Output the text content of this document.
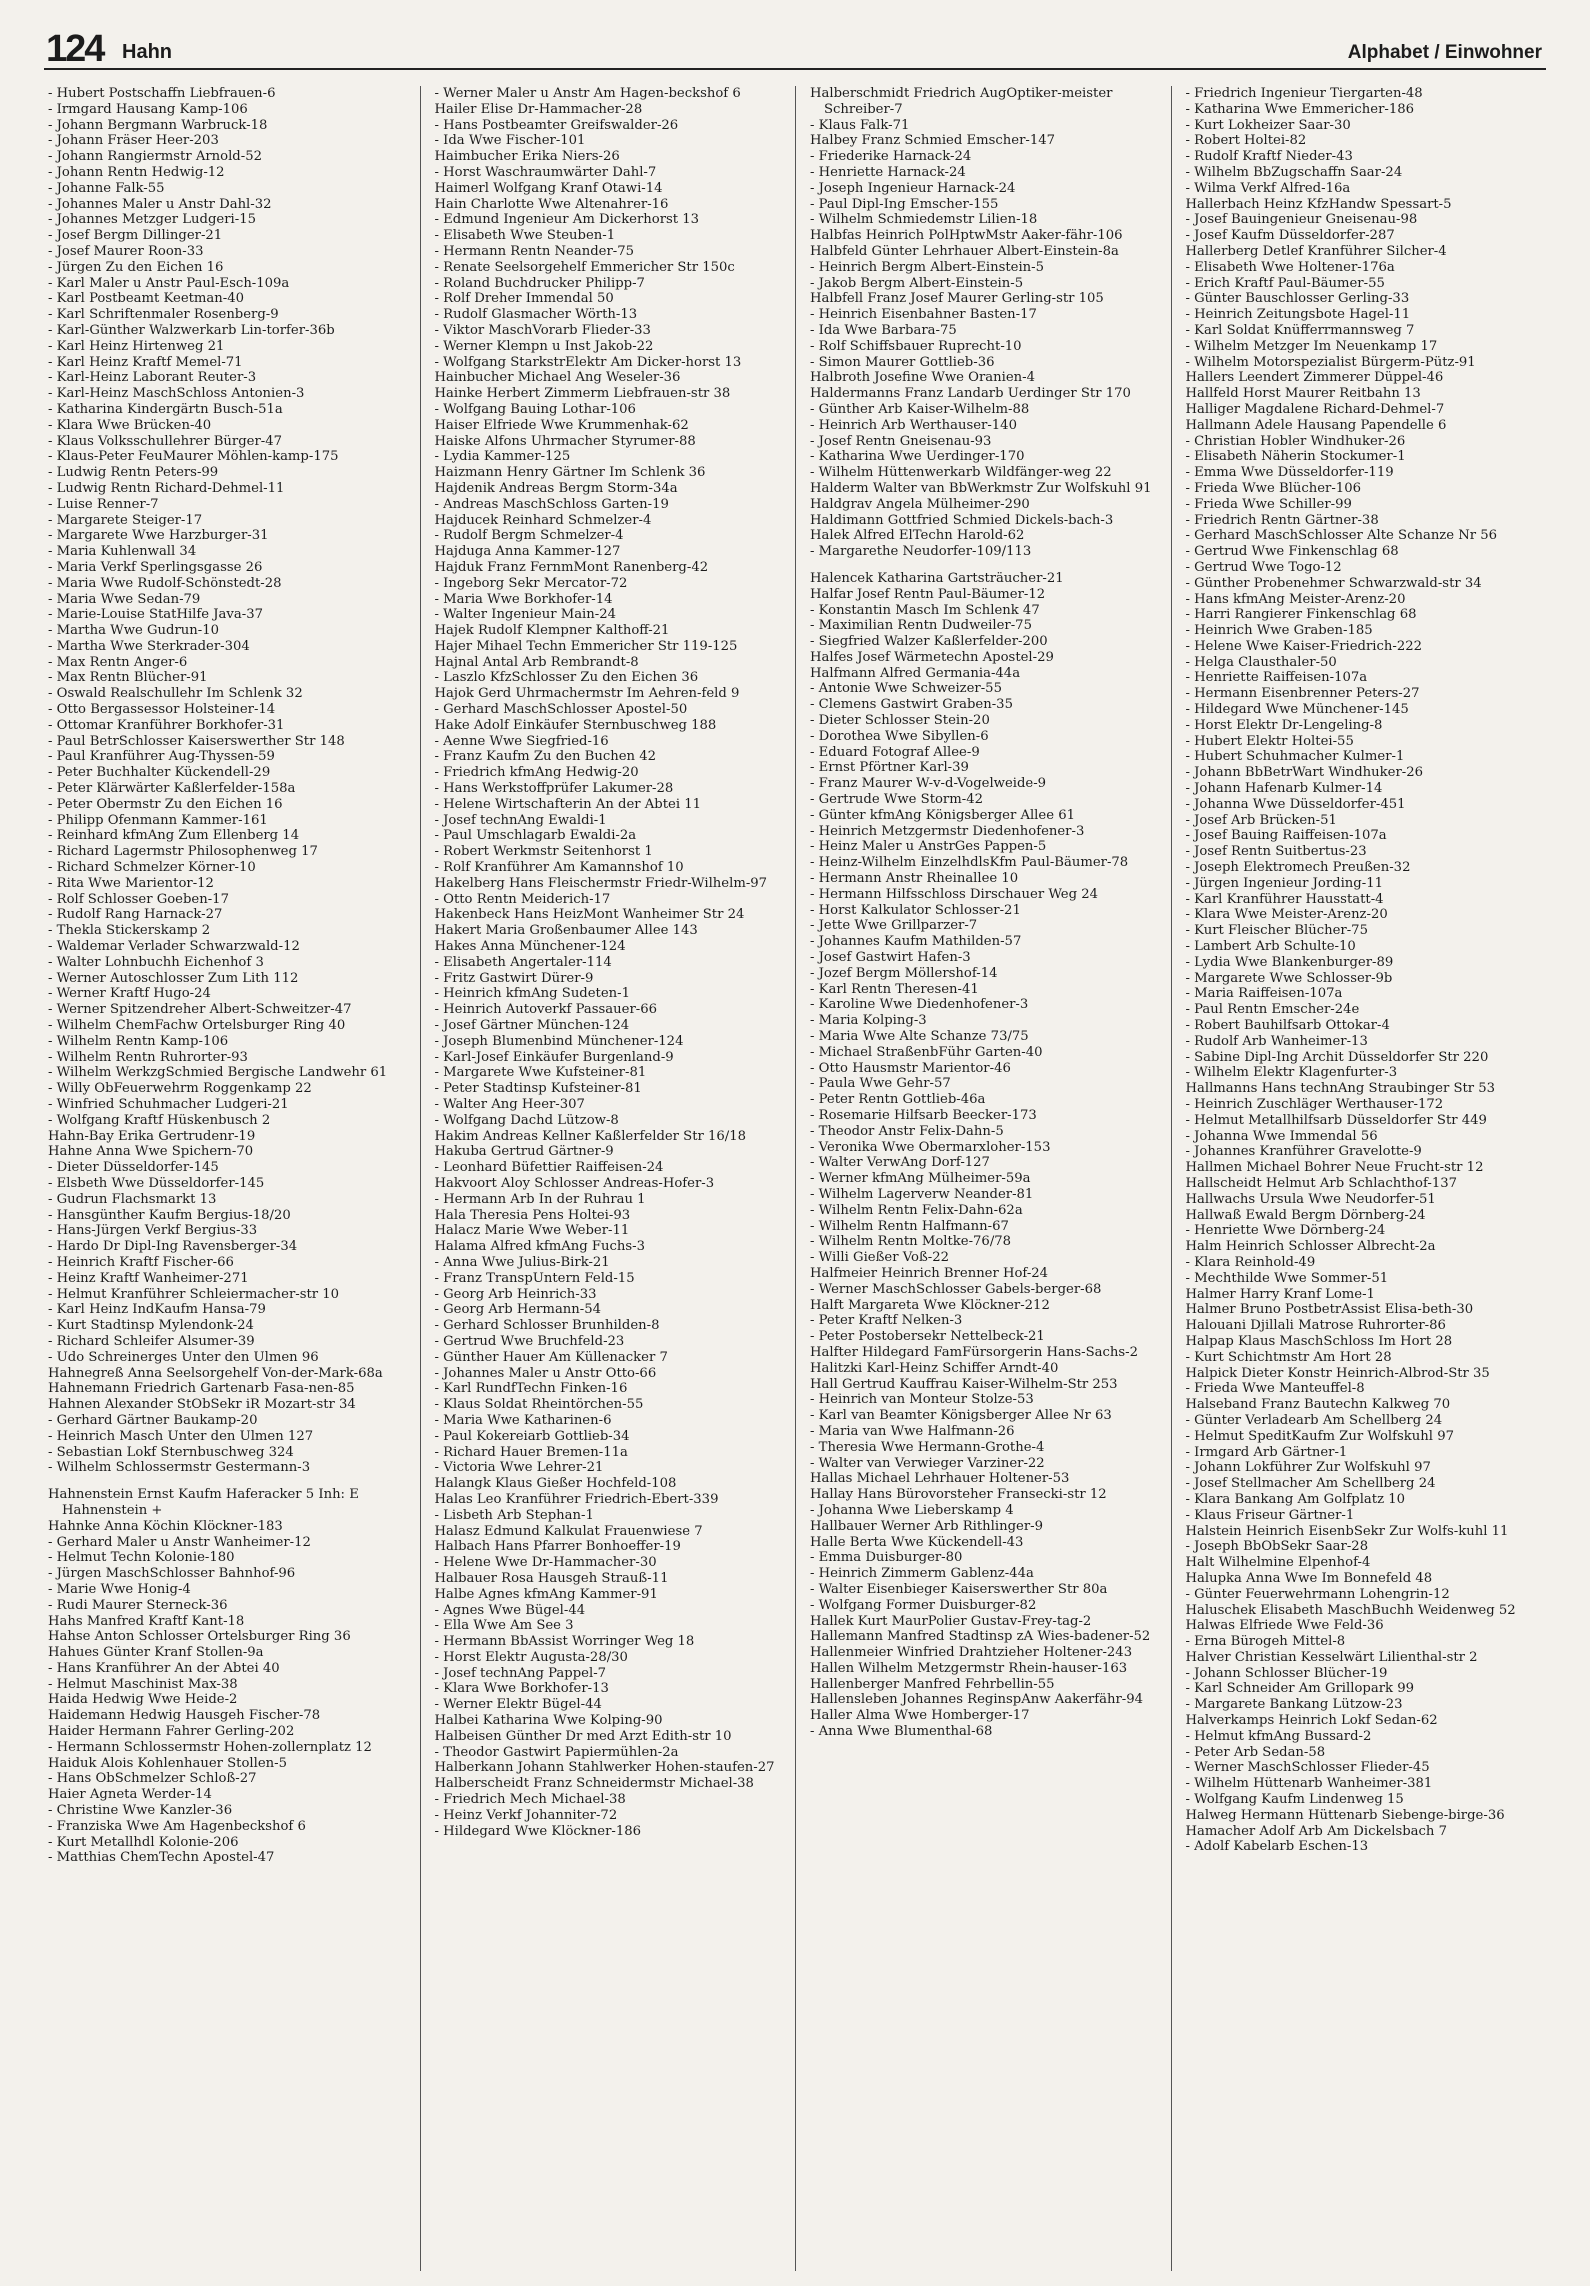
124 Hahn	Alphabet / Einwohner
- Hubert Postschaffn Liebfrauen-6
- Irmgard Hausang Kamp-106
- Johann Bergmann Warbruck-18
- Johann Fräser Heer-203
- Johann Rangiermstr Arnold-52
- Johann Rentn Hedwig-12
- Johanne Falk-55
- Johannes Maler u Anstr Dahl-32
- Johannes Metzger Ludgeri-15
- Josef Bergm Dillinger-21
- Josef Maurer Roon-33
- Jürgen Zu den Eichen 16
- Karl Maler u Anstr Paul-Esch-109a
- Karl Postbeamt Keetman-40
- Karl Schriftenmaler Rosenberg-9
- Karl-Günther Walzwerkarb Lin-torfer-36b
- Karl Heinz Hirtenweg 21
- Karl Heinz Kraftf Memel-71
- Karl-Heinz Laborant Reuter-3
- Karl-Heinz MaschSchloss Antonien-3
- Katharina Kindergärtn Busch-51a
- Klara Wwe Brücken-40
- Klaus Volksschullehrer Bürger-47
- Klaus-Peter FeuMaurer Möhlen-kamp-175
- Ludwig Rentn Peters-99
- Ludwig Rentn Richard-Dehmel-11
- Luise Renner-7
- Margarete Steiger-17
- Margarete Wwe Harzburger-31
- Maria Kuhlenwall 34
- Maria Verkf Sperlingsgasse 26
- Maria Wwe Rudolf-Schönstedt-28
- Maria Wwe Sedan-79
- Marie-Louise StatHilfe Java-37
- Martha Wwe Gudrun-10
- Martha Wwe Sterkrader-304
- Max Rentn Anger-6
- Max Rentn Blücher-91
- Oswald Realschullehr Im Schlenk 32
- Otto Bergassessor Holsteiner-14
- Ottomar Kranführer Borkhofer-31
- Paul BetrSchlosser Kaiserswerther Str 148
- Paul Kranführer Aug-Thyssen-59
- Peter Buchhalter Kückendell-29
- Peter Klärwärter Kaßlerfelder-158a
- Peter Obermstr Zu den Eichen 16
- Philipp Ofenmann Kammer-161
- Reinhard kfmAng Zum Ellenberg 14
- Richard Lagermstr Philosophenweg 17
- Richard Schmelzer Körner-10
- Rita Wwe Marientor-12
- Rolf Schlosser Goeben-17
- Rudolf Rang Harnack-27
- Thekla Stickerskamp 2
- Waldemar Verlader Schwarzwald-12
- Walter Lohnbuchh Eichenhof 3
- Werner Autoschlosser Zum Lith 112
- Werner Kraftf Hugo-24
- Werner Spitzendreher Albert-Schweitzer-47
- Wilhelm ChemFachw Ortelsburger Ring 40
- Wilhelm Rentn Kamp-106
- Wilhelm Rentn Ruhrorter-93
- Wilhelm WerkzgSchmied Bergische Landwehr 61
- Willy ObFeuerwehrm Roggenkamp 22
- Winfried Schuhmacher Ludgeri-21
- Wolfgang Kraftf Hüskenbusch 2
Hahn-Bay Erika Gertrudenr-19
Hahne Anna Wwe Spichern-70
- Dieter Düsseldorfer-145
- Elsbeth Wwe Düsseldorfer-145
- Gudrun Flachsmarkt 13
- Hansgünther Kaufm Bergius-18/20
- Hans-Jürgen Verkf Bergius-33
- Hardo Dr Dipl-Ing Ravensberger-34
- Heinrich Kraftf Fischer-66
- Heinz Kraftf Wanheimer-271
- Helmut Kranführer Schleiermacher-str 10
- Karl Heinz IndKaufm Hansa-79
- Kurt Stadtinsp Mylendonk-24
- Richard Schleifer Alsumer-39
- Udo Schreinerges Unter den Ulmen 96
Hahnegreß Anna Seelsorgehelf Von-der-Mark-68a
Hahnemann Friedrich Gartenarb Fasa-nen-85
Hahnen Alexander StObSekr iR Mozart-str 34
- Gerhard Gärtner Baukamp-20
- Heinrich Masch Unter den Ulmen 127
- Sebastian Lokf Sternbuschweg 324
- Wilhelm Schlossermstr Gestermann-3
Hahnenstein Ernst Kaufm Haferacker 5 Inh: E Hahnenstein +
Hahnke Anna Köchin Klöckner-183
- Gerhard Maler u Anstr Wanheimer-12
- Helmut Techn Kolonie-180
- Jürgen MaschSchlosser Bahnhof-96
- Marie Wwe Honig-4
- Rudi Maurer Sterneck-36
Hahs Manfred Kraftf Kant-18
Hahse Anton Schlosser Ortelsburger Ring 36
Hahues Günter Kranf Stollen-9a
- Hans Kranführer An der Abtei 40
- Helmut Maschinist Max-38
Haida Hedwig Wwe Heide-2
Haidemann Hedwig Hausgeh Fischer-78
Haider Hermann Fahrer Gerling-202
- Hermann Schlossermstr Hohen-zollernplatz 12
Haiduk Alois Kohlenhauer Stollen-5
- Hans ObSchmelzer Schloß-27
Haier Agneta Werder-14
- Christine Wwe Kanzler-36
- Franziska Wwe Am Hagenbeckshof 6
- Kurt Metallhdl Kolonie-206
- Matthias ChemTechn Apostel-47
- Werner Maler u Anstr Am Hagen-beckshof 6
Hailer Elise Dr-Hammacher-28
- Hans Postbeamter Greifswalder-26
- Ida Wwe Fischer-101
Haimbucher Erika Niers-26
- Horst Waschraumwärter Dahl-7
Haimerl Wolfgang Kranf Otawi-14
Hain Charlotte Wwe Altenahrer-16
- Edmund Ingenieur Am Dickerhorst 13
- Elisabeth Wwe Steuben-1
- Hermann Rentn Neander-75
- Renate Seelsorgehelf Emmericher Str 150c
- Roland Buchdrucker Philipp-7
- Rolf Dreher Immendal 50
- Rudolf Glasmacher Wörth-13
- Viktor MaschVorarb Flieder-33
- Werner Klempn u Inst Jakob-22
- Wolfgang StarkstrElektr Am Dicker-horst 13
Hainbucher Michael Ang Weseler-36
Hainke Herbert Zimmerm Liebfrauen-str 38
- Wolfgang Bauing Lothar-106
Haiser Elfriede Wwe Krummenhak-62
Haiske Alfons Uhrmacher Styrumer-88
- Lydia Kammer-125
Haizmann Henry Gärtner Im Schlenk 36
Hajdenik Andreas Bergm Storm-34a
- Andreas MaschSchloss Garten-19
Hajducek Reinhard Schmelzer-4
- Rudolf Bergm Schmelzer-4
Hajduga Anna Kammer-127
Hajduk Franz FernmMont Ranenberg-42
- Ingeborg Sekr Mercator-72
- Maria Wwe Borkhofer-14
- Walter Ingenieur Main-24
Hajek Rudolf Klempner Kalthoff-21
Hajer Mihael Techn Emmericher Str 119-125
Hajnal Antal Arb Rembrandt-8
- Laszlo KfzSchlosser Zu den Eichen 36
Hajok Gerd Uhrmachermstr Im Aehren-feld 9
- Gerhard MaschSchlosser Apostel-50
Hake Adolf Einkäufer Sternbuschweg 188
- Aenne Wwe Siegfried-16
- Franz Kaufm Zu den Buchen 42
- Friedrich kfmAng Hedwig-20
- Hans Werkstoffprüfer Lakumer-28
- Helene Wirtschafterin An der Abtei 11
- Josef technAng Ewaldi-1
- Paul Umschlagarb Ewaldi-2a
- Robert Werkmstr Seitenhorst 1
- Rolf Kranführer Am Kamannshof 10
Hakelberg Hans Fleischermstr Friedr-Wilhelm-97
- Otto Rentn Meiderich-17
Hakenbeck Hans HeizMont Wanheimer Str 24
Hakert Maria Großenbaumer Allee 143
Hakes Anna Münchener-124
- Elisabeth Angertaler-114
- Fritz Gastwirt Dürer-9
- Heinrich kfmAng Sudeten-1
- Heinrich Autoverkf Passauer-66
- Josef Gärtner München-124
- Joseph Blumenbind Münchener-124
- Karl-Josef Einkäufer Burgenland-9
- Margarete Wwe Kufsteiner-81
- Peter Stadtinsp Kufsteiner-81
- Walter Ang Heer-307
- Wolfgang Dachd Lützow-8
Hakim Andreas Kellner Kaßlerfelder Str 16/18
Hakuba Gertrud Gärtner-9
- Leonhard Büfettier Raiffeisen-24
Hakvoort Aloy Schlosser Andreas-Hofer-3
- Hermann Arb In der Ruhrau 1
Hala Theresia Pens Holtei-93
Halacz Marie Wwe Weber-11
Halama Alfred kfmAng Fuchs-3
- Anna Wwe Julius-Birk-21
- Franz TranspUntern Feld-15
- Georg Arb Heinrich-33
- Georg Arb Hermann-54
- Gerhard Schlosser Brunhilden-8
- Gertrud Wwe Bruchfeld-23
- Günther Hauer Am Küllenacker 7
- Johannes Maler u Anstr Otto-66
- Karl RundfTechn Finken-16
- Klaus Soldat Rheintörchen-55
- Maria Wwe Katharinen-6
- Paul Kokereiarb Gottlieb-34
- Richard Hauer Bremen-11a
- Victoria Wwe Lehrer-21
Halangk Klaus Gießer Hochfeld-108
Halas Leo Kranführer Friedrich-Ebert-339
- Lisbeth Arb Stephan-1
Halasz Edmund Kalkulat Frauenwiese 7
Halbach Hans Pfarrer Bonhoeffer-19
- Helene Wwe Dr-Hammacher-30
Halbauer Rosa Hausgeh Strauß-11
Halbe Agnes kfmAng Kammer-91
- Agnes Wwe Bügel-44
- Ella Wwe Am See 3
- Hermann BbAssist Worringer Weg 18
- Horst Elektr Augusta-28/30
- Josef technAng Pappel-7
- Klara Wwe Borkhofer-13
- Werner Elektr Bügel-44
Halbei Katharina Wwe Kolping-90
Halbeisen Günther Dr med Arzt Edith-str 10
- Theodor Gastwirt Papiermühlen-2a
Halberkann Johann Stahlwerker Hohen-staufen-27
Halberscheidt Franz Schneidermstr Michael-38
- Friedrich Mech Michael-38
- Heinz Verkf Johanniter-72
- Hildegard Wwe Klöckner-186
Halberschmidt Friedrich AugOptiker-meister Schreiber-7
- Klaus Falk-71
Halbey Franz Schmied Emscher-147
- Friederike Harnack-24
- Henriette Harnack-24
- Joseph Ingenieur Harnack-24
- Paul Dipl-Ing Emscher-155
- Wilhelm Schmiedemstr Lilien-18
Halbfas Heinrich PolHptwMstr Aaker-fähr-106
Halbfeld Günter Lehrhauer Albert-Einstein-8a
- Heinrich Bergm Albert-Einstein-5
- Jakob Bergm Albert-Einstein-5
Halbfell Franz Josef Maurer Gerling-str 105
- Heinrich Eisenbahner Basten-17
- Ida Wwe Barbara-75
- Rolf Schiffsbauer Ruprecht-10
- Simon Maurer Gottlieb-36
Halbroth Josefine Wwe Oranien-4
Haldermanns Franz Landarb Uerdinger Str 170
- Günther Arb Kaiser-Wilhelm-88
- Heinrich Arb Werthauser-140
- Josef Rentn Gneisenau-93
- Katharina Wwe Uerdinger-170
- Wilhelm Hüttenwerkarb Wildfänger-weg 22
Halderm Walter van BbWerkmstr Zur Wolfskuhl 91
Haldgrav Angela Mülheimer-290
Haldimann Gottfried Schmied Dickels-bach-3
Halek Alfred ElTechn Harold-62
- Margarethe Neudorfer-109/113
Halencek Katharina Gartsträucher-21
Halfar Josef Rentn Paul-Bäumer-12
- Konstantin Masch Im Schlenk 47
- Maximilian Rentn Dudweiler-75
- Siegfried Walzer Kaßlerfelder-200
Halfes Josef Wärmetechn Apostel-29
Halfmann Alfred Germania-44a
- Antonie Wwe Schweizer-55
- Clemens Gastwirt Graben-35
- Dieter Schlosser Stein-20
- Dorothea Wwe Sibyllen-6
- Eduard Fotograf Allee-9
- Ernst Pförtner Karl-39
- Franz Maurer W-v-d-Vogelweide-9
- Gertrude Wwe Storm-42
- Günter kfmAng Königsberger Allee 61
- Heinrich Metzgermstr Diedenhofener-3
- Heinz Maler u AnstrGes Pappen-5
- Heinz-Wilhelm EinzelhdlsKfm Paul-Bäumer-78
- Hermann Anstr Rheinallee 10
- Hermann Hilfsschloss Dirschauer Weg 24
- Horst Kalkulator Schlosser-21
- Jette Wwe Grillparzer-7
- Johannes Kaufm Mathilden-57
- Josef Gastwirt Hafen-3
- Jozef Bergm Möllershof-14
- Karl Rentn Theresen-41
- Karoline Wwe Diedenhofener-3
- Maria Kolping-3
- Maria Wwe Alte Schanze 73/75
- Michael StraßenbFühr Garten-40
- Otto Hausmstr Marientor-46
- Paula Wwe Gehr-57
- Peter Rentn Gottlieb-46a
- Rosemarie Hilfsarb Beecker-173
- Theodor Anstr Felix-Dahn-5
- Veronika Wwe Obermarxloher-153
- Walter VerwAng Dorf-127
- Werner kfmAng Mülheimer-59a
- Wilhelm Lagerverw Neander-81
- Wilhelm Rentn Felix-Dahn-62a
- Wilhelm Rentn Halfmann-67
- Wilhelm Rentn Moltke-76/78
- Willi Gießer Voß-22
Halfmeier Heinrich Brenner Hof-24
- Werner MaschSchlosser Gabels-berger-68
Halft Margareta Wwe Klöckner-212
- Peter Kraftf Nelken-3
- Peter Postobersekr Nettelbeck-21
Halfter Hildegard FamFürsorgerin Hans-Sachs-2
Halitzki Karl-Heinz Schiffer Arndt-40
Hall Gertrud Kauffrau Kaiser-Wilhelm-Str 253
- Heinrich van Monteur Stolze-53
- Karl van Beamter Königsberger Allee Nr 63
- Maria van Wwe Halfmann-26
- Theresia Wwe Hermann-Grothe-4
- Walter van Verwieger Varziner-22
Hallas Michael Lehrhauer Holtener-53
Hallay Hans Bürovorsteher Fransecki-str 12
- Johanna Wwe Lieberskamp 4
Hallbauer Werner Arb Rithlinger-9
Halle Berta Wwe Kückendell-43
- Emma Duisburger-80
- Heinrich Zimmerm Gablenz-44a
- Walter Eisenbieger Kaiserswerther Str 80a
- Wolfgang Former Duisburger-82
Hallek Kurt MaurPolier Gustav-Frey-tag-2
Hallemann Manfred Stadtinsp zA Wies-badener-52
Hallenmeier Winfried Drahtzieher Holtener-243
Hallen Wilhelm Metzgermstr Rhein-hauser-163
Hallenberger Manfred Fehrbellin-55
Hallensleben Johannes ReginspAnw Aakerfähr-94
Haller Alma Wwe Homberger-17
- Anna Wwe Blumenthal-68
- Friedrich Ingenieur Tiergarten-48
- Katharina Wwe Emmericher-186
- Kurt Lokheizer Saar-30
- Robert Holtei-82
- Rudolf Kraftf Nieder-43
- Wilhelm BbZugschaffn Saar-24
- Wilma Verkf Alfred-16a
Hallerbach Heinz KfzHandw Spessart-5
- Josef Bauingenieur Gneisenau-98
- Josef Kaufm Düsseldorfer-287
Hallerberg Detlef Kranführer Silcher-4
- Elisabeth Wwe Holtener-176a
- Erich Kraftf Paul-Bäumer-55
- Günter Bauschlosser Gerling-33
- Heinrich Zeitungsbote Hagel-11
- Karl Soldat Knüfferrmannsweg 7
- Wilhelm Metzger Im Neuenkamp 17
- Wilhelm Motorspezialist Bürgerm-Pütz-91
Hallers Leendert Zimmerer Düppel-46
Hallfeld Horst Maurer Reitbahn 13
Halliger Magdalene Richard-Dehmel-7
Hallmann Adele Hausang Papendelle 6
- Christian Hobler Windhuker-26
- Elisabeth Näherin Stockumer-1
- Emma Wwe Düsseldorfer-119
- Frieda Wwe Blücher-106
- Frieda Wwe Schiller-99
- Friedrich Rentn Gärtner-38
- Gerhard MaschSchlosser Alte Schanze Nr 56
- Gertrud Wwe Finkenschlag 68
- Gertrud Wwe Togo-12
- Günther Probenehmer Schwarzwald-str 34
- Hans kfmAng Meister-Arenz-20
- Harri Rangierer Finkenschlag 68
- Heinrich Wwe Graben-185
- Helene Wwe Kaiser-Friedrich-222
- Helga Clausthaler-50
- Henriette Raiffeisen-107a
- Hermann Eisenbrenner Peters-27
- Hildegard Wwe Münchener-145
- Horst Elektr Dr-Lengeling-8
- Hubert Elektr Holtei-55
- Hubert Schuhmacher Kulmer-1
- Johann BbBetrWart Windhuker-26
- Johann Hafenarb Kulmer-14
- Johanna Wwe Düsseldorfer-451
- Josef Arb Brücken-51
- Josef Bauing Raiffeisen-107a
- Josef Rentn Suitbertus-23
- Joseph Elektromech Preußen-32
- Jürgen Ingenieur Jording-11
- Karl Kranführer Hausstatt-4
- Klara Wwe Meister-Arenz-20
- Kurt Fleischer Blücher-75
- Lambert Arb Schulte-10
- Lydia Wwe Blankenburger-89
- Margarete Wwe Schlosser-9b
- Maria Raiffeisen-107a
- Paul Rentn Emscher-24e
- Robert Bauhilfsarb Ottokar-4
- Rudolf Arb Wanheimer-13
- Sabine Dipl-Ing Archit Düsseldorfer Str 220
- Wilhelm Elektr Klagenfurter-3
Hallmanns Hans technAng Straubinger Str 53
- Heinrich Zuschläger Werthauser-172
- Helmut Metallhilfsarb Düsseldorfer Str 449
- Johanna Wwe Immendal 56
- Johannes Kranführer Gravelotte-9
Hallmen Michael Bohrer Neue Frucht-str 12
Hallscheidt Helmut Arb Schlachthof-137
Hallwachs Ursula Wwe Neudorfer-51
Hallwaß Ewald Bergm Dörnberg-24
- Henriette Wwe Dörnberg-24
Halm Heinrich Schlosser Albrecht-2a
- Klara Reinhold-49
- Mechthilde Wwe Sommer-51
Halmer Harry Kranf Lome-1
Halmer Bruno PostbetrAssist Elisa-beth-30
Halouani Djillali Matrose Ruhrorter-86
Halpap Klaus MaschSchloss Im Hort 28
- Kurt Schichtmstr Am Hort 28
Halpick Dieter Konstr Heinrich-Albrod-Str 35
- Frieda Wwe Manteuffel-8
Halseband Franz Bautechn Kalkweg 70
- Günter Verladearb Am Schellberg 24
- Helmut SpeditKaufm Zur Wolfskuhl 97
- Irmgard Arb Gärtner-1
- Johann Lokführer Zur Wolfskuhl 97
- Josef Stellmacher Am Schellberg 24
- Klara Bankang Am Golfplatz 10
- Klaus Friseur Gärtner-1
Halstein Heinrich EisenbSekr Zur Wolfs-kuhl 11
- Joseph BbObSekr Saar-28
Halt Wilhelmine Elpenhof-4
Halupka Anna Wwe Im Bonnefeld 48
- Günter Feuerwehrmann Lohengrin-12
Haluschek Elisabeth MaschBuchh Weidenweg 52
Halwas Elfriede Wwe Feld-36
- Erna Bürogeh Mittel-8
Halver Christian Kesselwärt Lilienthal-str 2
- Johann Schlosser Blücher-19
- Karl Schneider Am Grillopark 99
- Margarete Bankang Lützow-23
Halverkamps Heinrich Lokf Sedan-62
- Helmut kfmAng Bussard-2
- Peter Arb Sedan-58
- Werner MaschSchlosser Flieder-45
- Wilhelm Hüttenarb Wanheimer-381
- Wolfgang Kaufm Lindenweg 15
Halweg Hermann Hüttenarb Siebenge-birge-36
Hamacher Adolf Arb Am Dickelsbach 7
- Adolf Kabelarb Eschen-13
